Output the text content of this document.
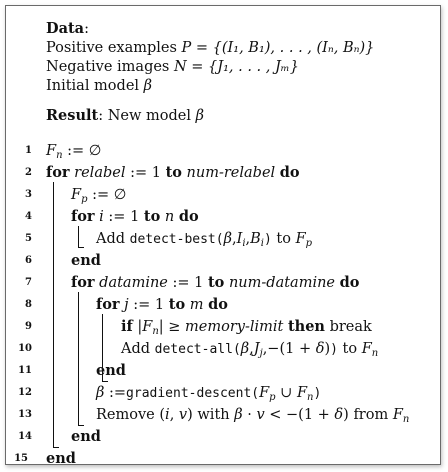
Data:
Positive examples P = {(I₁, B₁), . . . , (Iₙ, Bₙ)}
Negative images N = {J₁, . . . , Jₘ}
Initial model β
Result: New model β
1
2
3
4
5
6
7
8
9
10
11
12
13
14
15
$F_n$ := ∅
for relabel := 1 to num-relabel do
$F_p$ := ∅
for i := 1 to n do
Add detect-$best(\beta,I_i,B_i)$ to $F_p$
end
for datamine := 1 to num-datamine do
for j := 1 to m do
if $|F_n|$ ≥ memory-limit then break
Add detect-$all(\beta,J_j,-(1 + \delta))$ to $F_n$
end
β $:=gradient-descent(F_p$ ∪ $F_n$)
Remove (i, v) with β · v < −(1 + δ) from $F_n$
end
end
